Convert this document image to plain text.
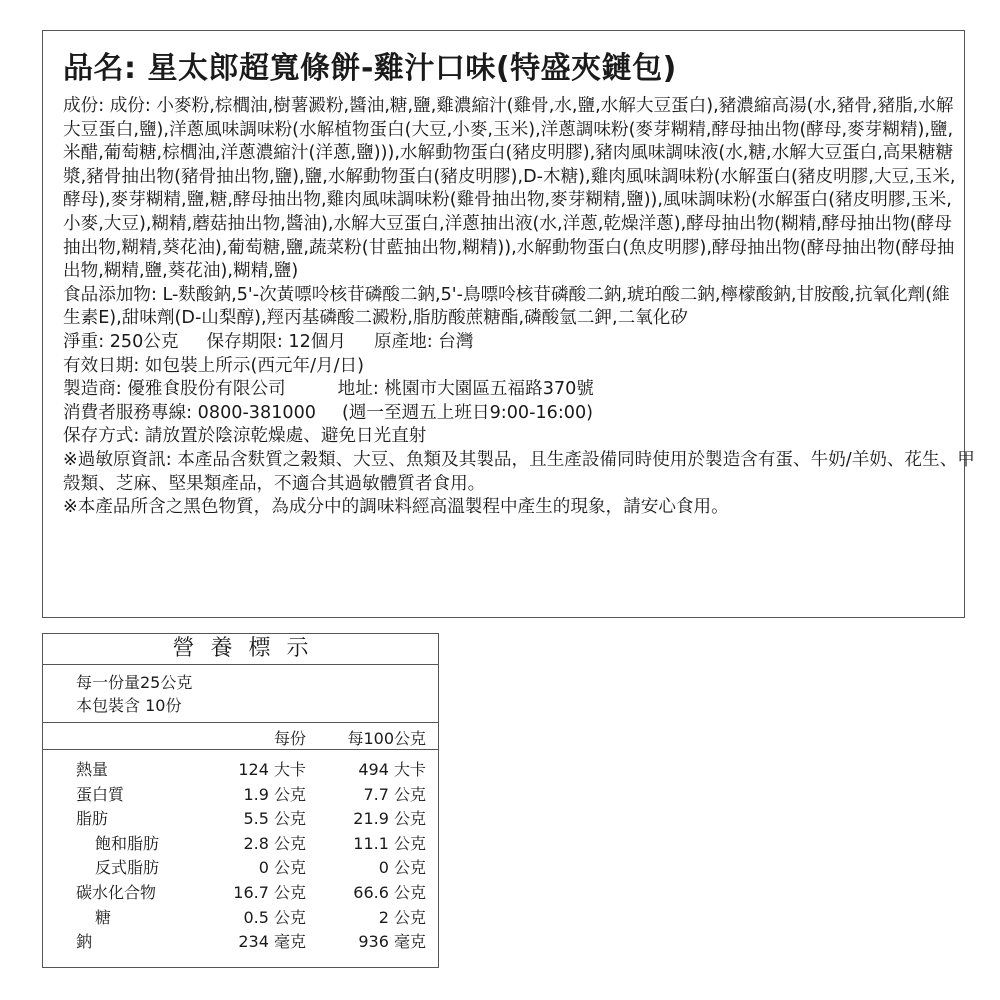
品名: 星太郎超寬條餅-雞汁口味(特盛夾鏈包)
成份: 成份: 小麥粉,棕櫚油,樹薯澱粉,醬油,糖,鹽,雞濃縮汁(雞骨,水,鹽,水解大豆蛋白),豬濃縮高湯(水,豬骨,豬脂,水解大豆蛋白,鹽),洋蔥風味調味粉(水解植物蛋白(大豆,小麥,玉米),洋蔥調味粉(麥芽糊精,酵母抽出物(酵母,麥芽糊精),鹽,米醋,葡萄糖,棕櫚油,洋蔥濃縮汁(洋蔥,鹽))),水解動物蛋白(豬皮明膠),豬肉風味調味液(水,糖,水解大豆蛋白,高果糖糖漿,豬骨抽出物(豬骨抽出物,鹽),鹽,水解動物蛋白(豬皮明膠),D-木糖),雞肉風味調味粉(水解蛋白(豬皮明膠,大豆,玉米,酵母),麥芽糊精,鹽,糖,酵母抽出物,雞肉風味調味粉(雞骨抽出物,麥芽糊精,鹽)),風味調味粉(水解蛋白(豬皮明膠,玉米,小麥,大豆),糊精,蘑菇抽出物,醬油),水解大豆蛋白,洋蔥抽出液(水,洋蔥,乾燥洋蔥),酵母抽出物(糊精,酵母抽出物(酵母抽出物,糊精,葵花油),葡萄糖,鹽,蔬菜粉(甘藍抽出物,糊精)),水解動物蛋白(魚皮明膠),酵母抽出物(酵母抽出物(酵母抽出物,糊精,鹽,葵花油),糊精,鹽)
食品添加物: L-麩酸鈉,5'-次黃嘌呤核苷磷酸二鈉,5'-鳥嘌呤核苷磷酸二鈉,琥珀酸二鈉,檸檬酸鈉,甘胺酸,抗氧化劑(維生素E),甜味劑(D-山梨醇),羥丙基磷酸二澱粉,脂肪酸蔗糖酯,磷酸氫二鉀,二氧化矽
淨重: 250公克 保存期限: 12個月 原產地: 台灣
有效日期: 如包裝上所示(西元年/月/日)
製造商: 優雅食股份有限公司	地址: 桃園市大園區五福路370號
消費者服務專線: 0800-381000 (週一至週五上班日9:00-16:00)
保存方式: 請放置於陰涼乾燥處、避免日光直射
※過敏原資訊: 本產品含麩質之穀類、大豆、魚類及其製品，且生產設備同時使用於製造含有蛋、牛奶/羊奶、花生、甲殼類、芝麻、堅果類產品，不適合其過敏體質者食用。
※本產品所含之黑色物質，為成分中的調味料經高溫製程中產生的現象，請安心食用。
營養標示
每一份量25公克
本包裝含 10份
每份	每100公克
熱量	124 大卡	494 大卡
蛋白質	1.9 公克	7.7 公克
脂肪	5.5 公克	21.9 公克
飽和脂肪	2.8 公克	11.1 公克
反式脂肪	0 公克	0 公克
碳水化合物	16.7 公克	66.6 公克
糖	0.5 公克	2 公克
鈉	234 毫克	936 毫克
